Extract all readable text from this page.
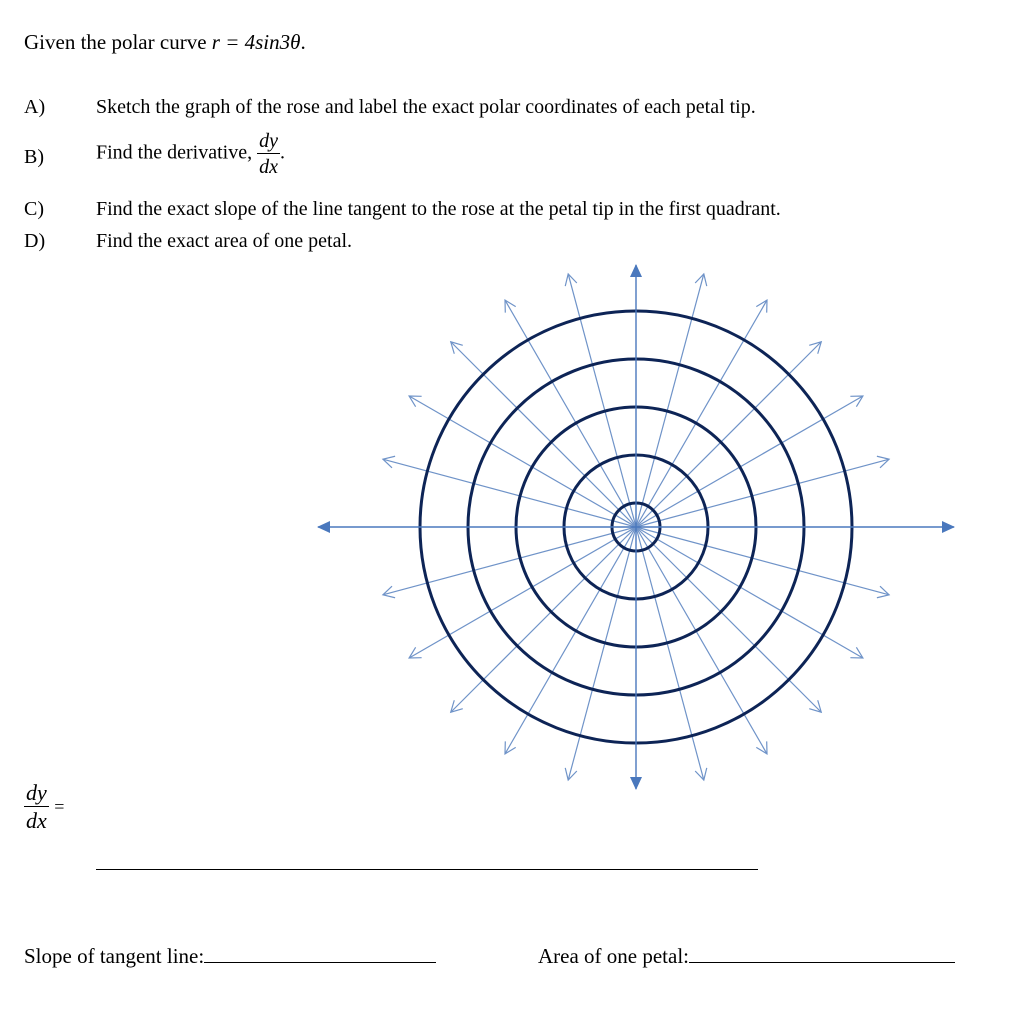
Given the polar curve r = 4sin3θ.
A)	Sketch the graph of the rose and label the exact polar coordinates of each petal tip.
B)	Find the derivative, $\frac{dy}{dx}$ .
C)	Find the exact slope of the line tangent to the rose at the petal tip in the first quadrant.
D)	Find the exact area of one petal.
$\frac{dy}{dx}$ =
Slope of tangent line:	Area of one petal:
